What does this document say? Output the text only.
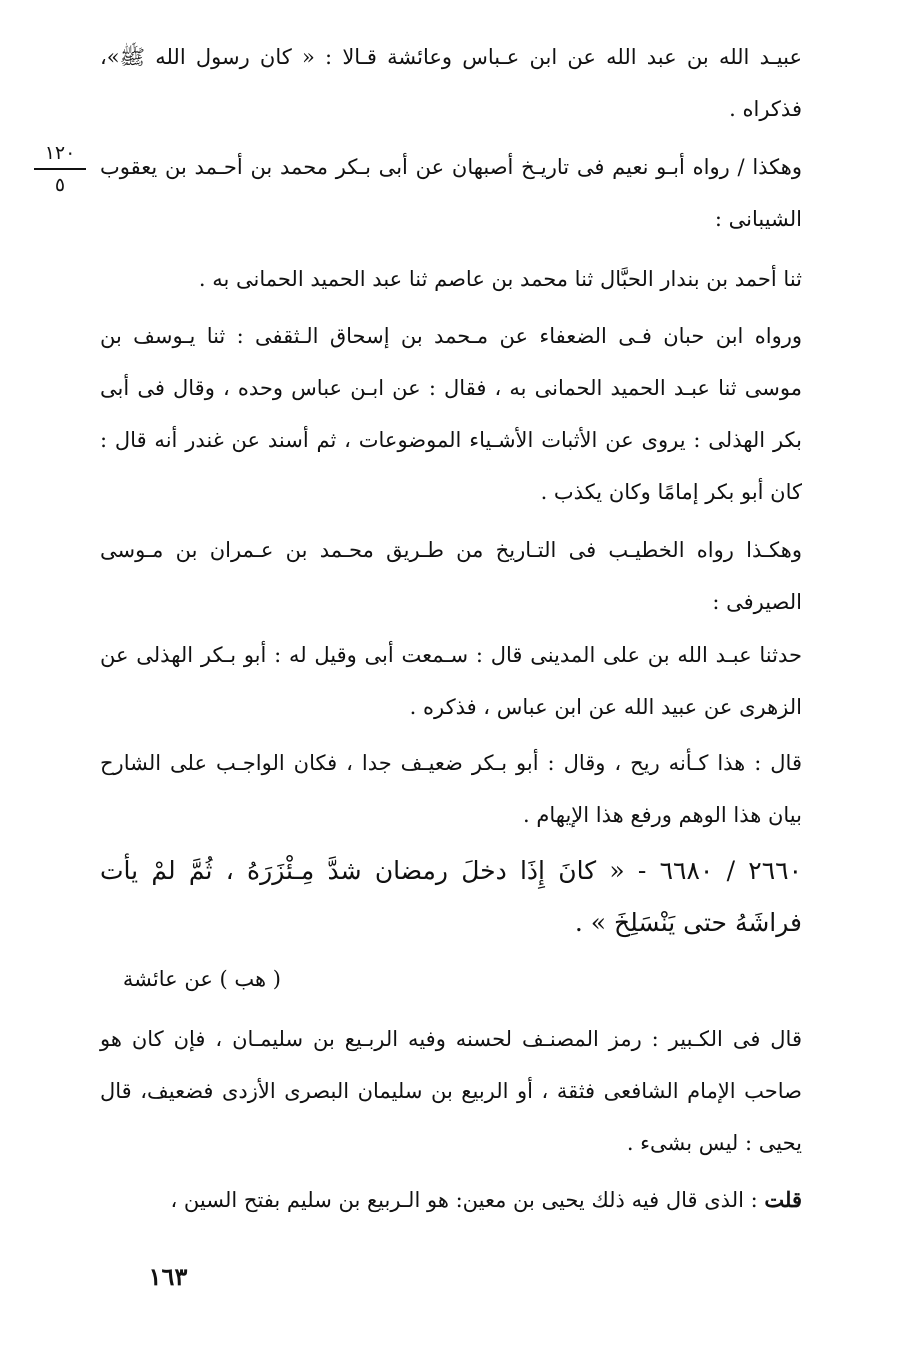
١٢٠
٥
عبيـد الله بن عبد الله عن ابن عـباس وعائشة قـالا : « كان رسول الله ﷺ»، فذكراه .
وهكذا / رواه أبـو نعيم فى تاريـخ أصبهان عن أبى بـكر محمد بن أحـمد بن يعقوب الشيبانى :
ثنا أحمد بن بندار الحبَّال ثنا محمد بن عاصم ثنا عبد الحميد الحمانى به .
ورواه ابن حبان فـى الضعفاء عن مـحمد بن إسحاق الـثقفى : ثنا يـوسف بن موسى ثنا عبـد الحميد الحمانى به ، فقال : عن ابـن عباس وحده ، وقال فى أبى بكر الهذلى : يروى عن الأثبات الأشـياء الموضوعات ، ثم أسند عن غندر أنه قال : كان أبو بكر إمامًا وكان يكذب .
وهكـذا رواه الخطيـب فى التـاريخ من طـريق محـمد بن عـمران بن مـوسى الصيرفى :
حدثنا عبـد الله بن على المدينى قال : سـمعت أبى وقيل له : أبو بـكر الهذلى عن الزهرى عن عبيد الله عن ابن عباس ، فذكره .
قال : هذا كـأنه ريح ، وقال : أبو بـكر ضعيـف جدا ، فكان الواجـب على الشارح بيان هذا الوهم ورفع هذا الإيهام .
٢٦٦٠ / ٦٦٨٠ - « كانَ إِذَا دخلَ رمضان شدَّ مِـئْزَرَهُ ، ثُمَّ لمْ يأت فراشَهُ حتى يَنْسَلِخَ » .
( هب ) عن عائشة
قال فى الكـبير : رمز المصنـف لحسنه وفيه الربـيع بن سليمـان ، فإن كان هو صاحب الإمام الشافعى فثقة ، أو الربيع بن سليمان البصرى الأزدى فضعيف، قال يحيى : ليس بشىء .
قلت : الذى قال فيه ذلك يحيى بن معين: هو الـربيع بن سليم بفتح السين ،
١٦٣
